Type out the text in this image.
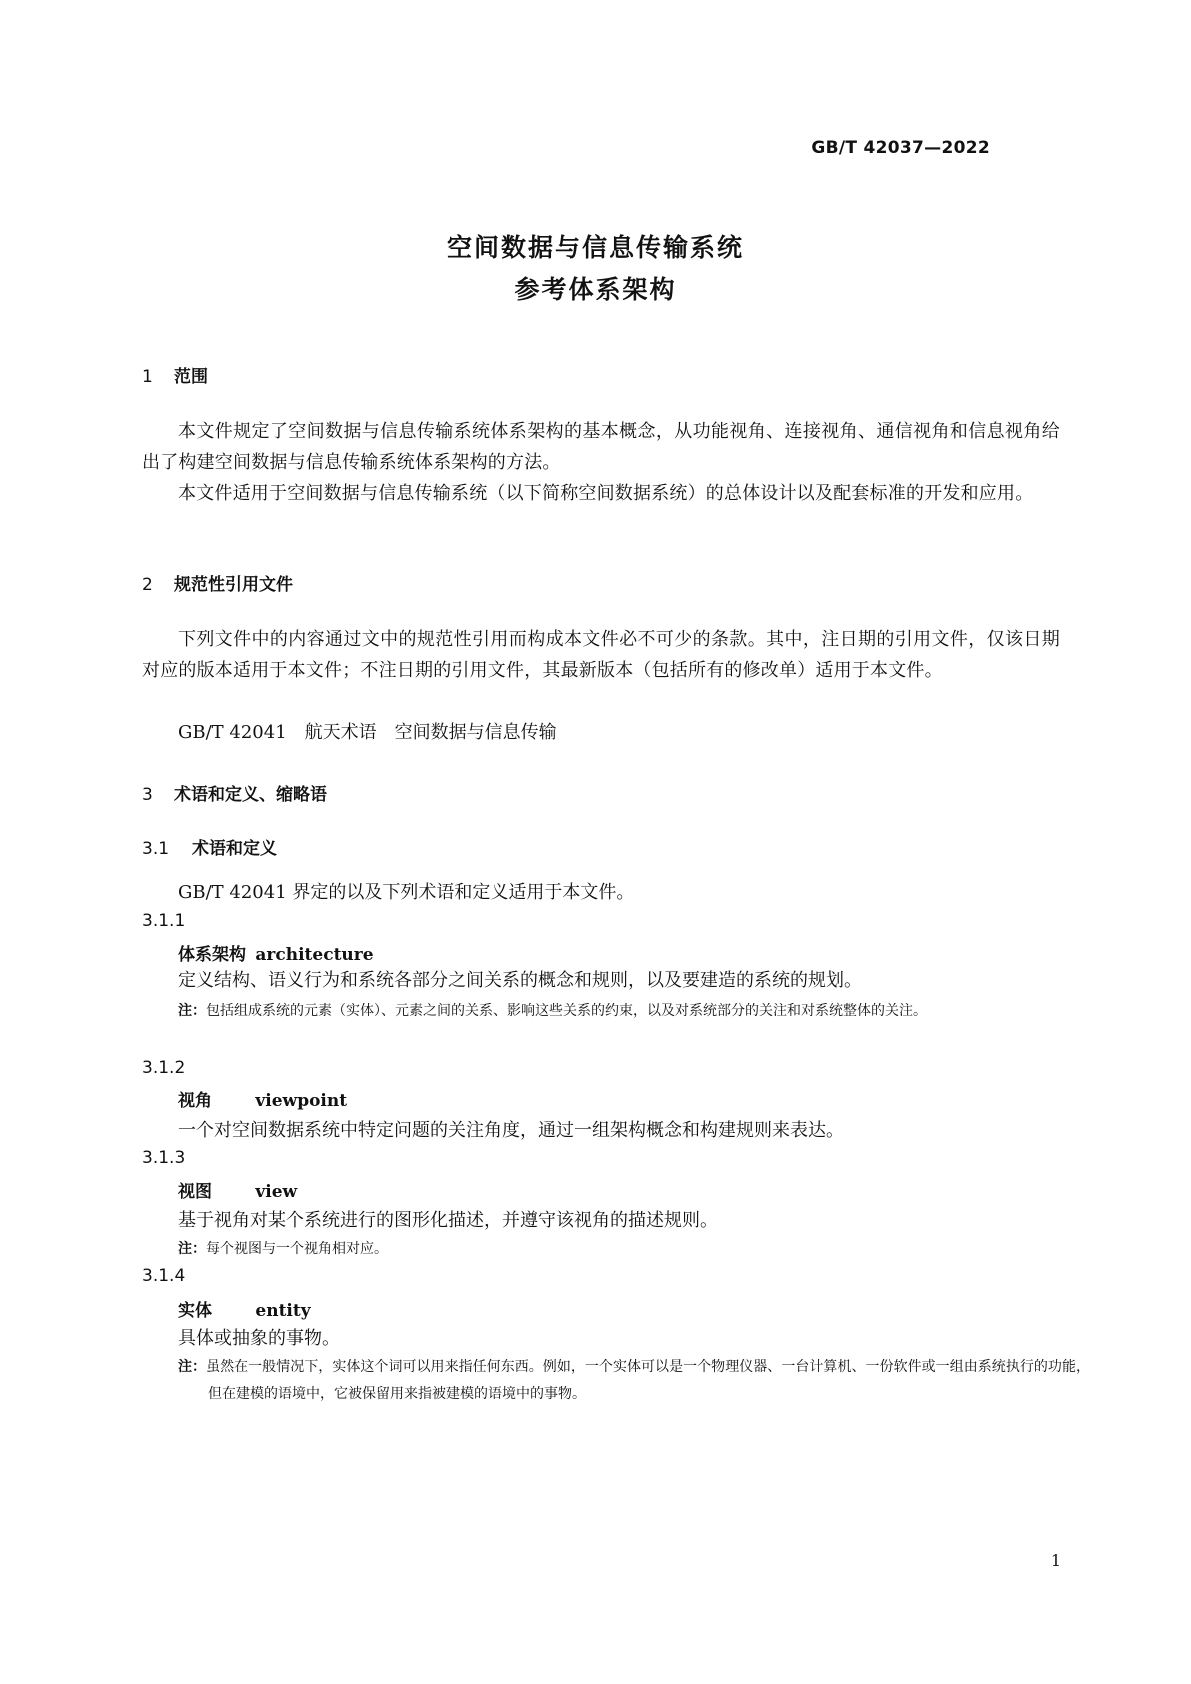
GB/T 42037—2022
空间数据与信息传输系统
参考体系架构
1 范围
本文件规定了空间数据与信息传输系统体系架构的基本概念，从功能视角、连接视角、通信视角和信息视角给出了构建空间数据与信息传输系统体系架构的方法。
本文件适用于空间数据与信息传输系统（以下简称空间数据系统）的总体设计以及配套标准的开发和应用。
2 规范性引用文件
下列文件中的内容通过文中的规范性引用而构成本文件必不可少的条款。其中，注日期的引用文件，仅该日期对应的版本适用于本文件；不注日期的引用文件，其最新版本（包括所有的修改单）适用于本文件。
GB/T 42041　航天术语　空间数据与信息传输
3 术语和定义、缩略语
3.1 术语和定义
GB/T 42041 界定的以及下列术语和定义适用于本文件。
3.1.1
体系架构 architecture
定义结构、语义行为和系统各部分之间关系的概念和规则，以及要建造的系统的规划。
注：包括组成系统的元素（实体）、元素之间的关系、影响这些关系的约束，以及对系统部分的关注和对系统整体的关注。
3.1.2
视角	viewpoint
一个对空间数据系统中特定问题的关注角度，通过一组架构概念和构建规则来表达。
3.1.3
视图	view
基于视角对某个系统进行的图形化描述，并遵守该视角的描述规则。
注：每个视图与一个视角相对应。
3.1.4
实体	entity
具体或抽象的事物。
注：虽然在一般情况下，实体这个词可以用来指任何东西。例如，一个实体可以是一个物理仪器、一台计算机、一份软件或一组由系统执行的功能，但在建模的语境中，它被保留用来指被建模的语境中的事物。
1
